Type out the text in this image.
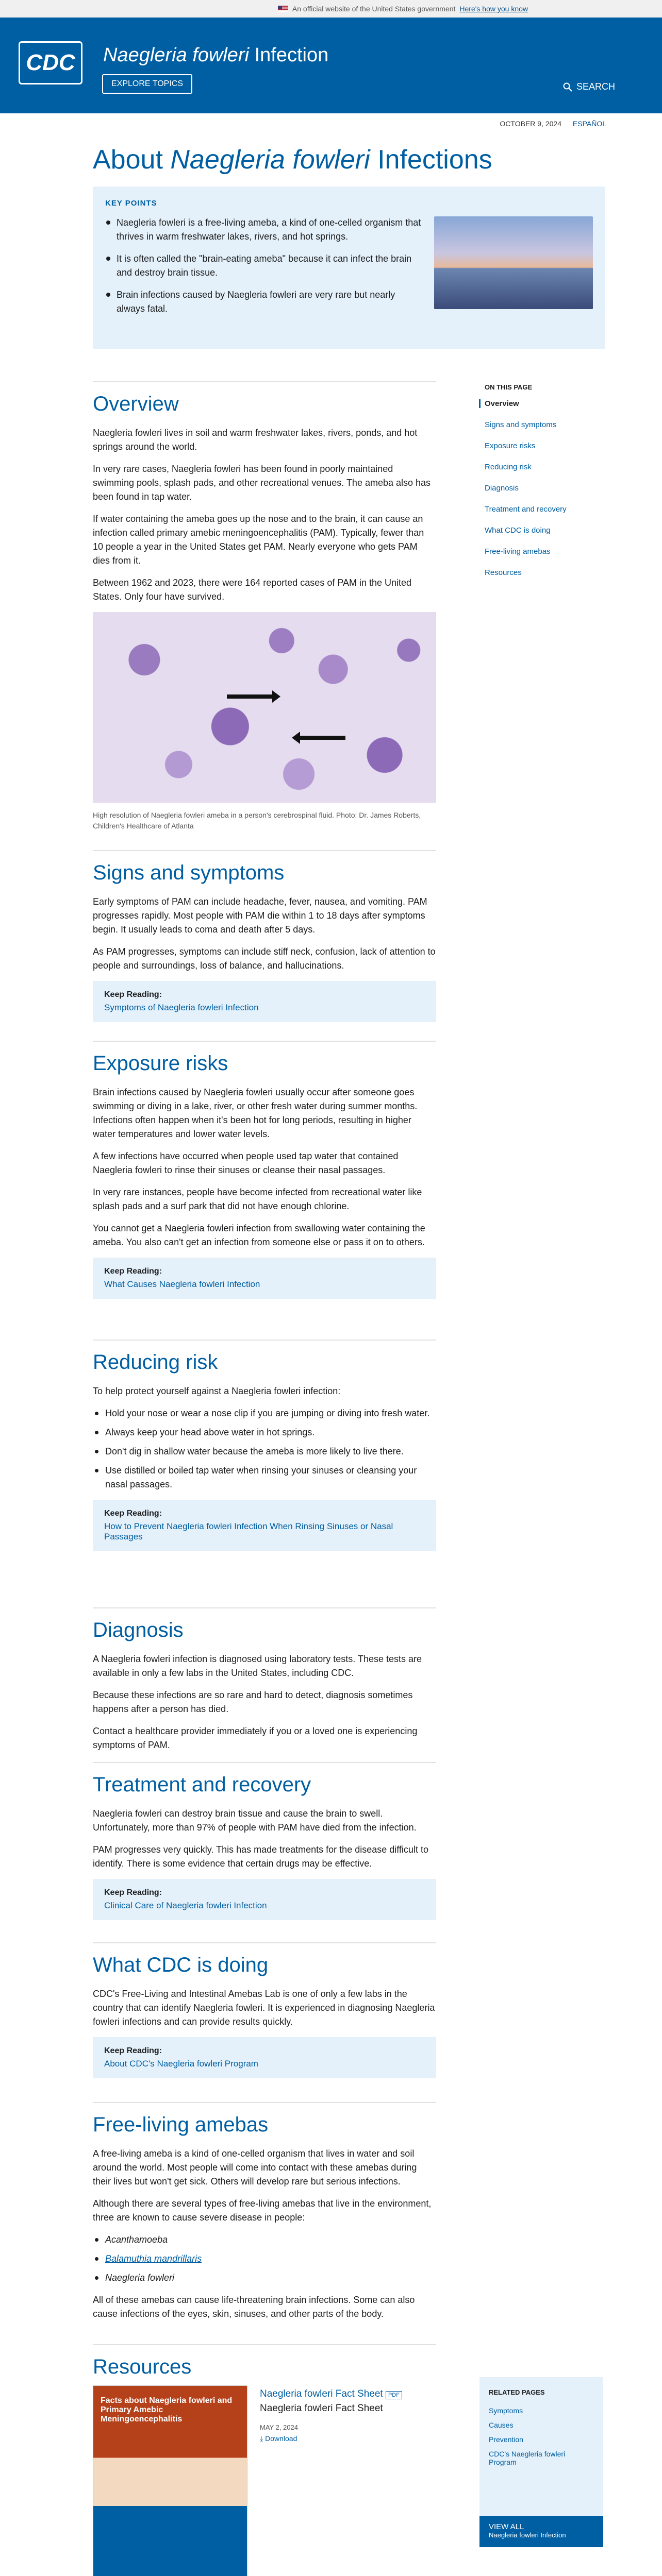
An official website of the United States government Here's how you know
CDC	Naegleria fowleri Infection
EXPLORE TOPICS	SEARCH
OCTOBER 9, 2024 ESPAÑOL
About Naegleria fowleri Infections
KEY POINTS
Naegleria fowleri is a free-living ameba, a kind of one-celled organism that thrives in warm freshwater lakes, rivers, and hot springs.
It is often called the "brain-eating ameba" because it can infect the brain and destroy brain tissue.
Brain infections caused by Naegleria fowleri are very rare but nearly always fatal.
Overview

Naegleria fowleri lives in soil and warm freshwater lakes, rivers, ponds, and hot springs around the world.

In very rare cases, Naegleria fowleri has been found in poorly maintained swimming pools, splash pads, and other recreational venues. The ameba also has been found in tap water.

If water containing the ameba goes up the nose and to the brain, it can cause an infection called primary amebic meningoencephalitis (PAM). Typically, fewer than 10 people a year in the United States get PAM. Nearly everyone who gets PAM dies from it.

Between 1962 and 2023, there were 164 reported cases of PAM in the United States. Only four have survived.

High resolution of Naegleria fowleri ameba in a person's cerebrospinal fluid. Photo: Dr. James Roberts, Children's Healthcare of Atlanta
Signs and symptoms

Early symptoms of PAM can include headache, fever, nausea, and vomiting. PAM progresses rapidly. Most people with PAM die within 1 to 18 days after symptoms begin. It usually leads to coma and death after 5 days.

As PAM progresses, symptoms can include stiff neck, confusion, lack of attention to people and surroundings, loss of balance, and hallucinations.

Keep Reading:
Symptoms of Naegleria fowleri Infection
Exposure risks

Brain infections caused by Naegleria fowleri usually occur after someone goes swimming or diving in a lake, river, or other fresh water during summer months. Infections often happen when it's been hot for long periods, resulting in higher water temperatures and lower water levels.

A few infections have occurred when people used tap water that contained Naegleria fowleri to rinse their sinuses or cleanse their nasal passages.

In very rare instances, people have become infected from recreational water like splash pads and a surf park that did not have enough chlorine.

You cannot get a Naegleria fowleri infection from swallowing water containing the ameba. You also can't get an infection from someone else or pass it on to others.

Keep Reading:
What Causes Naegleria fowleri Infection
Reducing risk

To help protect yourself against a Naegleria fowleri infection:

Hold your nose or wear a nose clip if you are jumping or diving into fresh water.
Always keep your head above water in hot springs.
Don't dig in shallow water because the ameba is more likely to live there.
Use distilled or boiled tap water when rinsing your sinuses or cleansing your nasal passages.
Keep Reading:
How to Prevent Naegleria fowleri Infection When Rinsing Sinuses or Nasal Passages
Diagnosis

A Naegleria fowleri infection is diagnosed using laboratory tests. These tests are available in only a few labs in the United States, including CDC.

Because these infections are so rare and hard to detect, diagnosis sometimes happens after a person has died.

Contact a healthcare provider immediately if you or a loved one is experiencing symptoms of PAM.

Treatment and recovery

Naegleria fowleri can destroy brain tissue and cause the brain to swell. Unfortunately, more than 97% of people with PAM have died from the infection.

PAM progresses very quickly. This has made treatments for the disease difficult to identify. There is some evidence that certain drugs may be effective.

Keep Reading:
Clinical Care of Naegleria fowleri Infection
What CDC is doing

CDC's Free-Living and Intestinal Amebas Lab is one of only a few labs in the country that can identify Naegleria fowleri. It is experienced in diagnosing Naegleria fowleri infections and can provide results quickly.

Keep Reading:
About CDC's Naegleria fowleri Program
Free-living amebas

A free-living ameba is a kind of one-celled organism that lives in water and soil around the world. Most people will come into contact with these amebas during their lives but won't get sick. Others will develop rare but serious infections.

Although there are several types of free-living amebas that live in the environment, three are known to cause severe disease in people:

Acanthamoeba
Balamuthia mandrillaris
Naegleria fowleri

All of these amebas can cause life-threatening brain infections. Some can also cause infections of the eyes, skin, sinuses, and other parts of the body.

Resources
Facts about Naegleria fowleri and Primary Amebic Meningoencephalitis
Naegleria fowleri Fact Sheet PDF
Naegleria fowleri Fact Sheet
MAY 2, 2024
⤓ Download
ON THIS PAGE
Overview
Signs and symptoms
Exposure risks
Reducing risk
Diagnosis
Treatment and recovery
What CDC is doing
Free-living amebas
Resources
RELATED PAGES
Symptoms
Causes
Prevention
CDC's Naegleria fowleri Program
VIEW ALL
Naegleria fowleri Infection
